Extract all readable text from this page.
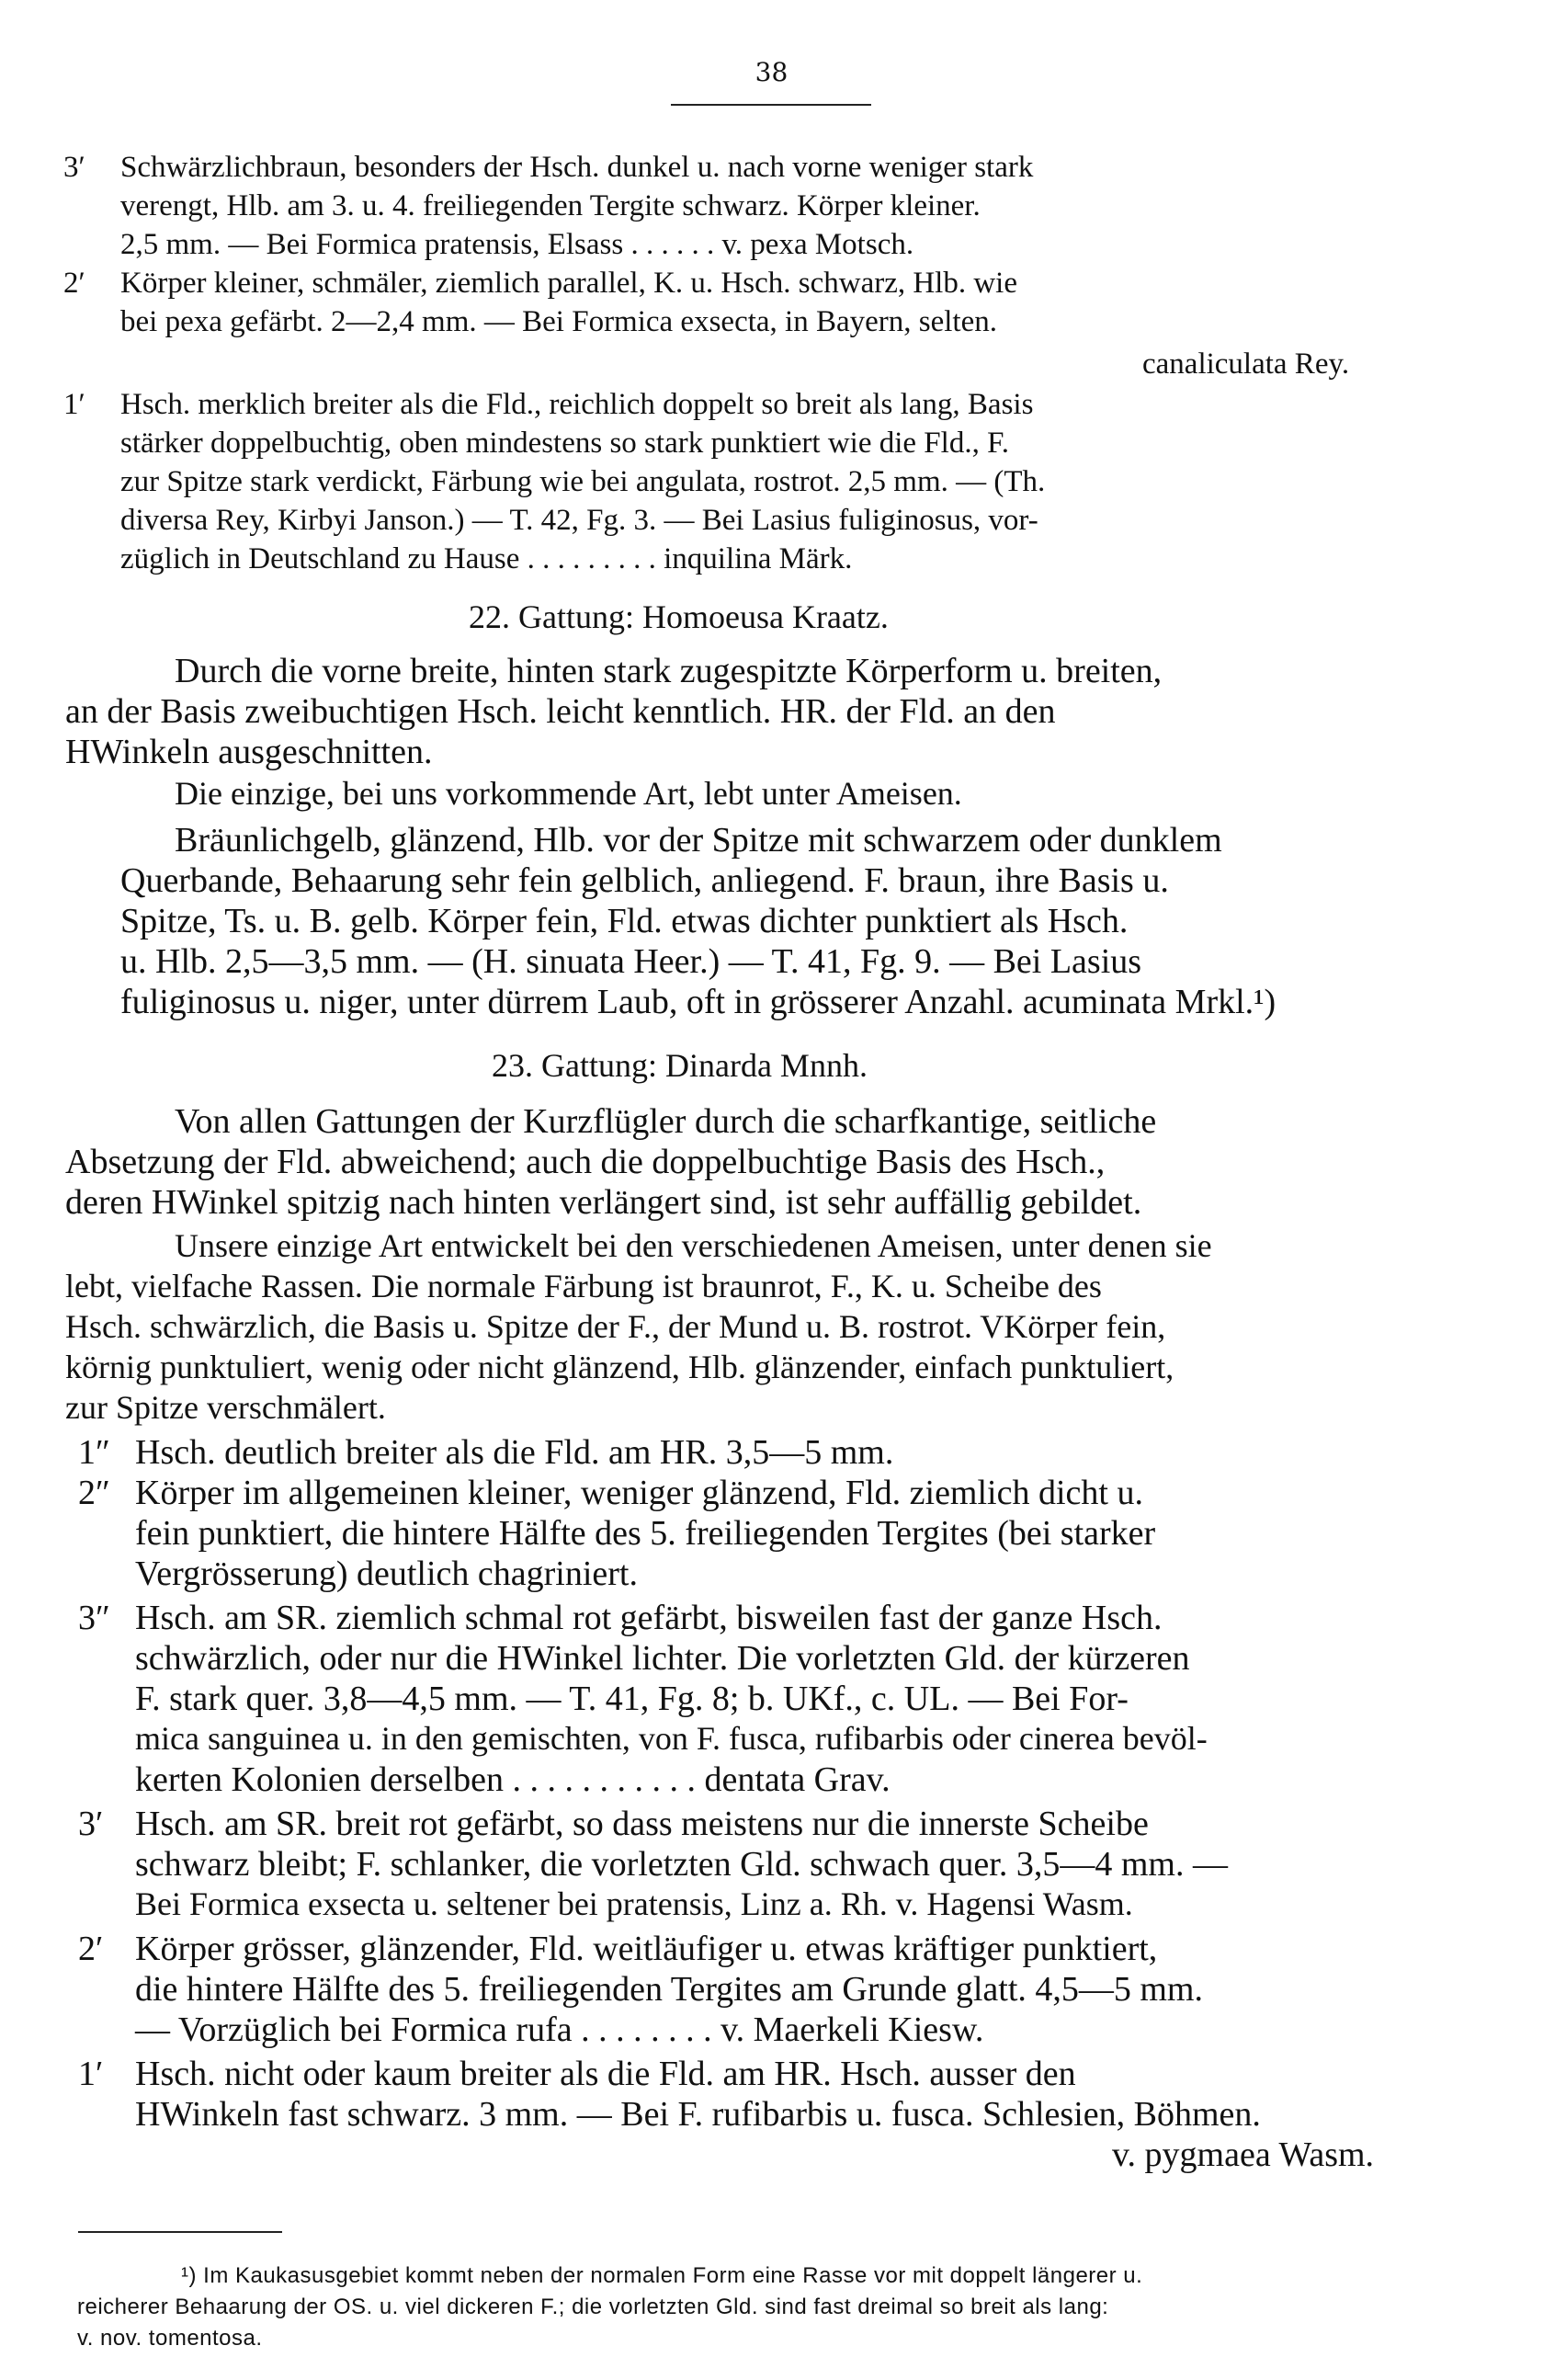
38
3′ Schwärzlichbraun, besonders der Hsch. dunkel u. nach vorne weniger stark
verengt, Hlb. am 3. u. 4. freiliegenden Tergite schwarz. Körper kleiner.
2,5 mm. — Bei Formica pratensis, Elsass . . . . . . v. pexa Motsch.
2′ Körper kleiner, schmäler, ziemlich parallel, K. u. Hsch. schwarz, Hlb. wie
bei pexa gefärbt. 2—2,4 mm. — Bei Formica exsecta, in Bayern, selten.
canaliculata Rey.
1′ Hsch. merklich breiter als die Fld., reichlich doppelt so breit als lang, Basis
stärker doppelbuchtig, oben mindestens so stark punktiert wie die Fld., F.
zur Spitze stark verdickt, Färbung wie bei angulata, rostrot. 2,5 mm. — (Th.
diversa Rey, Kirbyi Janson.) — T. 42, Fg. 3. — Bei Lasius fuliginosus, vor-
züglich in Deutschland zu Hause . . . . . . . . . inquilina Märk.
22. Gattung: Homoeusa Kraatz.
Durch die vorne breite, hinten stark zugespitzte Körperform u. breiten,
an der Basis zweibuchtigen Hsch. leicht kenntlich. HR. der Fld. an den
HWinkeln ausgeschnitten.
Die einzige, bei uns vorkommende Art, lebt unter Ameisen.
Bräunlichgelb, glänzend, Hlb. vor der Spitze mit schwarzem oder dunklem
Querbande, Behaarung sehr fein gelblich, anliegend. F. braun, ihre Basis u.
Spitze, Ts. u. B. gelb. Körper fein, Fld. etwas dichter punktiert als Hsch.
u. Hlb. 2,5—3,5 mm. — (H. sinuata Heer.) — T. 41, Fg. 9. — Bei Lasius
fuliginosus u. niger, unter dürrem Laub, oft in grösserer Anzahl. acuminata Mrkl.¹)
23. Gattung: Dinarda Mnnh.
Von allen Gattungen der Kurzflügler durch die scharfkantige, seitliche
Absetzung der Fld. abweichend; auch die doppelbuchtige Basis des Hsch.,
deren HWinkel spitzig nach hinten verlängert sind, ist sehr auffällig gebildet.
Unsere einzige Art entwickelt bei den verschiedenen Ameisen, unter denen sie
lebt, vielfache Rassen. Die normale Färbung ist braunrot, F., K. u. Scheibe des
Hsch. schwärzlich, die Basis u. Spitze der F., der Mund u. B. rostrot. VKörper fein,
körnig punktuliert, wenig oder nicht glänzend, Hlb. glänzender, einfach punktuliert,
zur Spitze verschmälert.
1″ Hsch. deutlich breiter als die Fld. am HR. 3,5—5 mm.
2″ Körper im allgemeinen kleiner, weniger glänzend, Fld. ziemlich dicht u.
fein punktiert, die hintere Hälfte des 5. freiliegenden Tergites (bei starker
Vergrösserung) deutlich chagriniert.
3″ Hsch. am SR. ziemlich schmal rot gefärbt, bisweilen fast der ganze Hsch.
schwärzlich, oder nur die HWinkel lichter. Die vorletzten Gld. der kürzeren
F. stark quer. 3,8—4,5 mm. — T. 41, Fg. 8; b. UKf., c. UL. — Bei For-
mica sanguinea u. in den gemischten, von F. fusca, rufibarbis oder cinerea bevöl-
kerten Kolonien derselben . . . . . . . . . . . dentata Grav.
3′ Hsch. am SR. breit rot gefärbt, so dass meistens nur die innerste Scheibe
schwarz bleibt; F. schlanker, die vorletzten Gld. schwach quer. 3,5—4 mm. —
Bei Formica exsecta u. seltener bei pratensis, Linz a. Rh. v. Hagensi Wasm.
2′ Körper grösser, glänzender, Fld. weitläufiger u. etwas kräftiger punktiert,
die hintere Hälfte des 5. freiliegenden Tergites am Grunde glatt. 4,5—5 mm.
— Vorzüglich bei Formica rufa . . . . . . . . v. Maerkeli Kiesw.
1′ Hsch. nicht oder kaum breiter als die Fld. am HR. Hsch. ausser den
HWinkeln fast schwarz. 3 mm. — Bei F. rufibarbis u. fusca. Schlesien, Böhmen.
v. pygmaea Wasm.
¹) Im Kaukasusgebiet kommt neben der normalen Form eine Rasse vor mit doppelt längerer u.
reicherer Behaarung der OS. u. viel dickeren F.; die vorletzten Gld. sind fast dreimal so breit als lang:
v. nov. tomentosa.
